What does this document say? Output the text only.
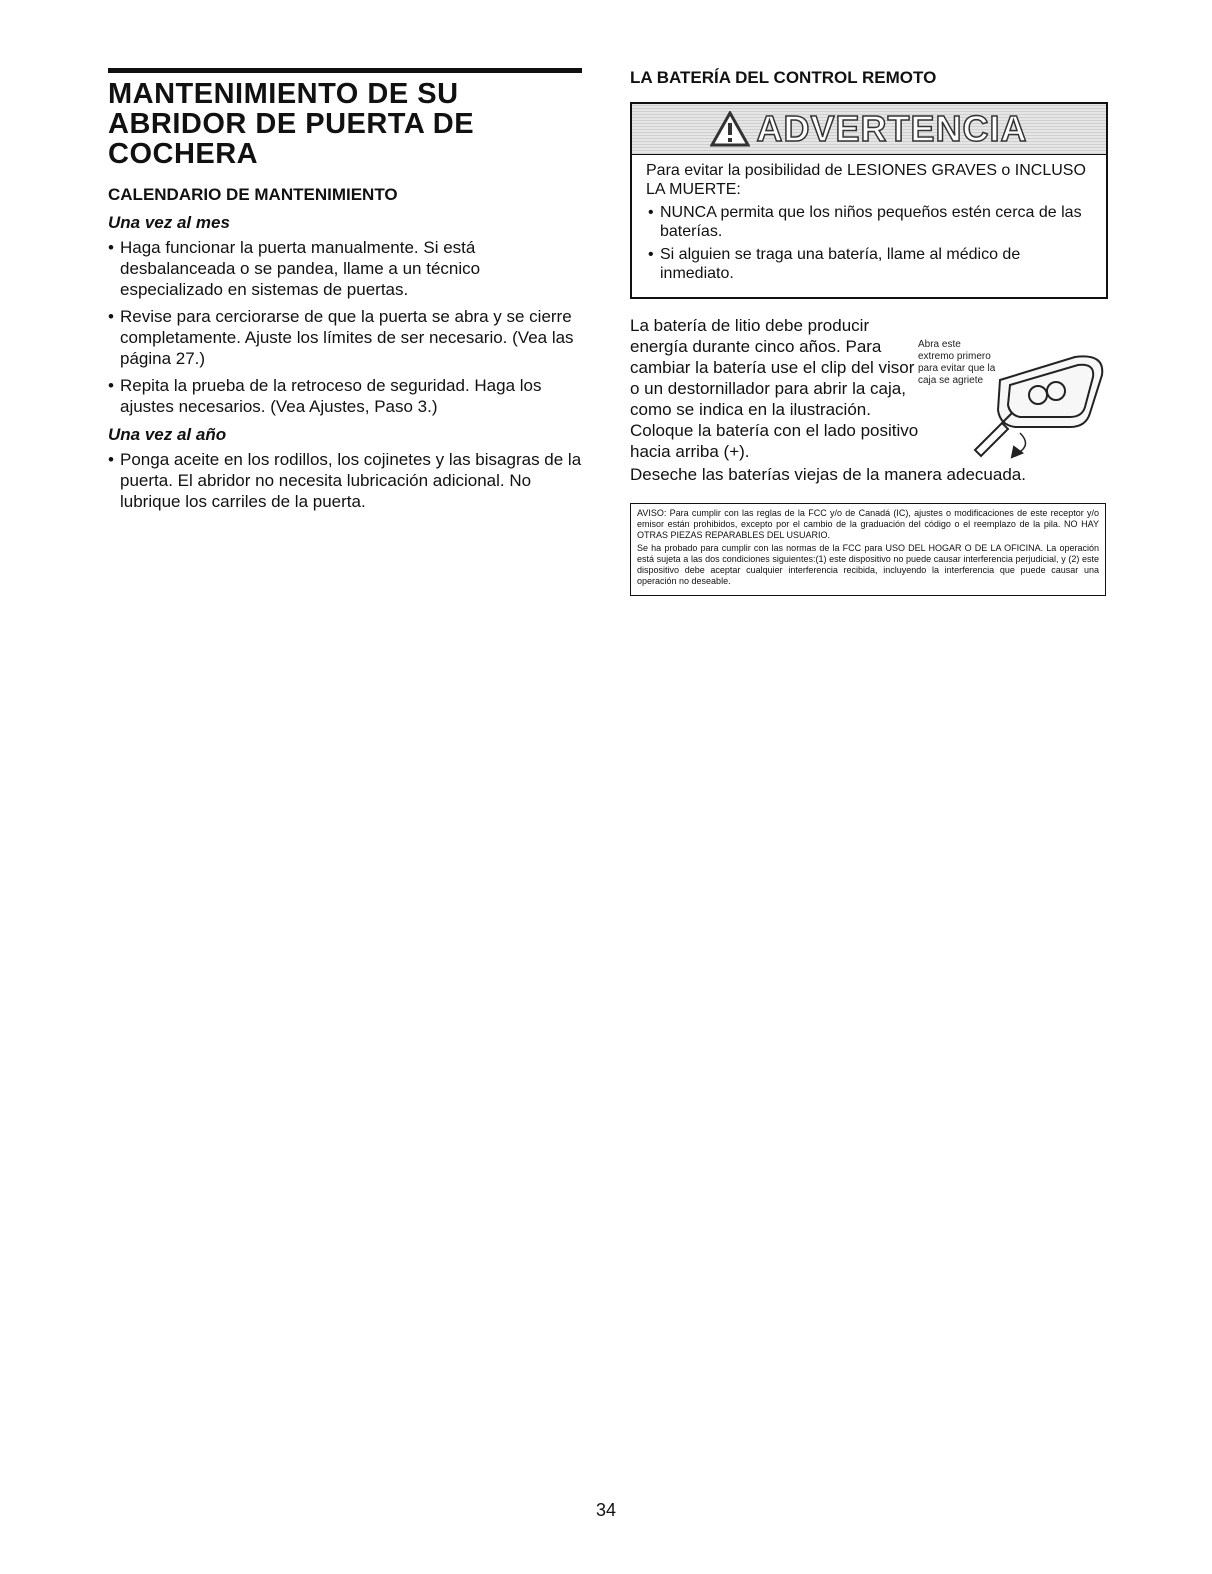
MANTENIMIENTO DE SU
ABRIDOR DE PUERTA DE
COCHERA
CALENDARIO DE MANTENIMIENTO
Una vez al mes
• Haga funcionar la puerta manualmente. Si está desbalanceada o se pandea, llame a un técnico especializado en sistemas de puertas.
• Revise para cerciorarse de que la puerta se abra y se cierre completamente. Ajuste los límites de ser necesario. (Vea las página 27.)
• Repita la prueba de la retroceso de seguridad. Haga los ajustes necesarios. (Vea Ajustes, Paso 3.)
Una vez al año
• Ponga aceite en los rodillos, los cojinetes y las bisagras de la puerta. El abridor no necesita lubricación adicional. No lubrique los carriles de la puerta.
LA BATERÍA DEL CONTROL REMOTO
ADVERTENCIA

Para evitar la posibilidad de LESIONES GRAVES o INCLUSO LA MUERTE:

• NUNCA permita que los niños pequeños estén cerca de las baterías.
• Si alguien se traga una batería, llame al médico de inmediato.
La batería de litio debe producir energía durante cinco años. Para cambiar la batería use el clip del visor o un destornillador para abrir la caja, como se indica en la ilustración. Coloque la batería con el lado positivo hacia arriba (+).
Abra este extremo primero para evitar que la caja se agriete

Deseche las baterías viejas de la manera adecuada.

AVISO: Para cumplir con las reglas de la FCC y/o de Canadá (IC), ajustes o modificaciones de este receptor y/o emisor están prohibidos, excepto por el cambio de la graduación del código o el reemplazo de la pila. NO HAY OTRAS PIEZAS REPARABLES DEL USUARIO.

Se ha probado para cumplir con las normas de la FCC para USO DEL HOGAR O DE LA OFICINA. La operación está sujeta a las dos condiciones siguientes:(1) este dispositivo no puede causar interferencia perjudicial, y (2) este dispositivo debe aceptar cualquier interferencia recibida, incluyendo la interferencia que puede causar una operación no deseable.

34
